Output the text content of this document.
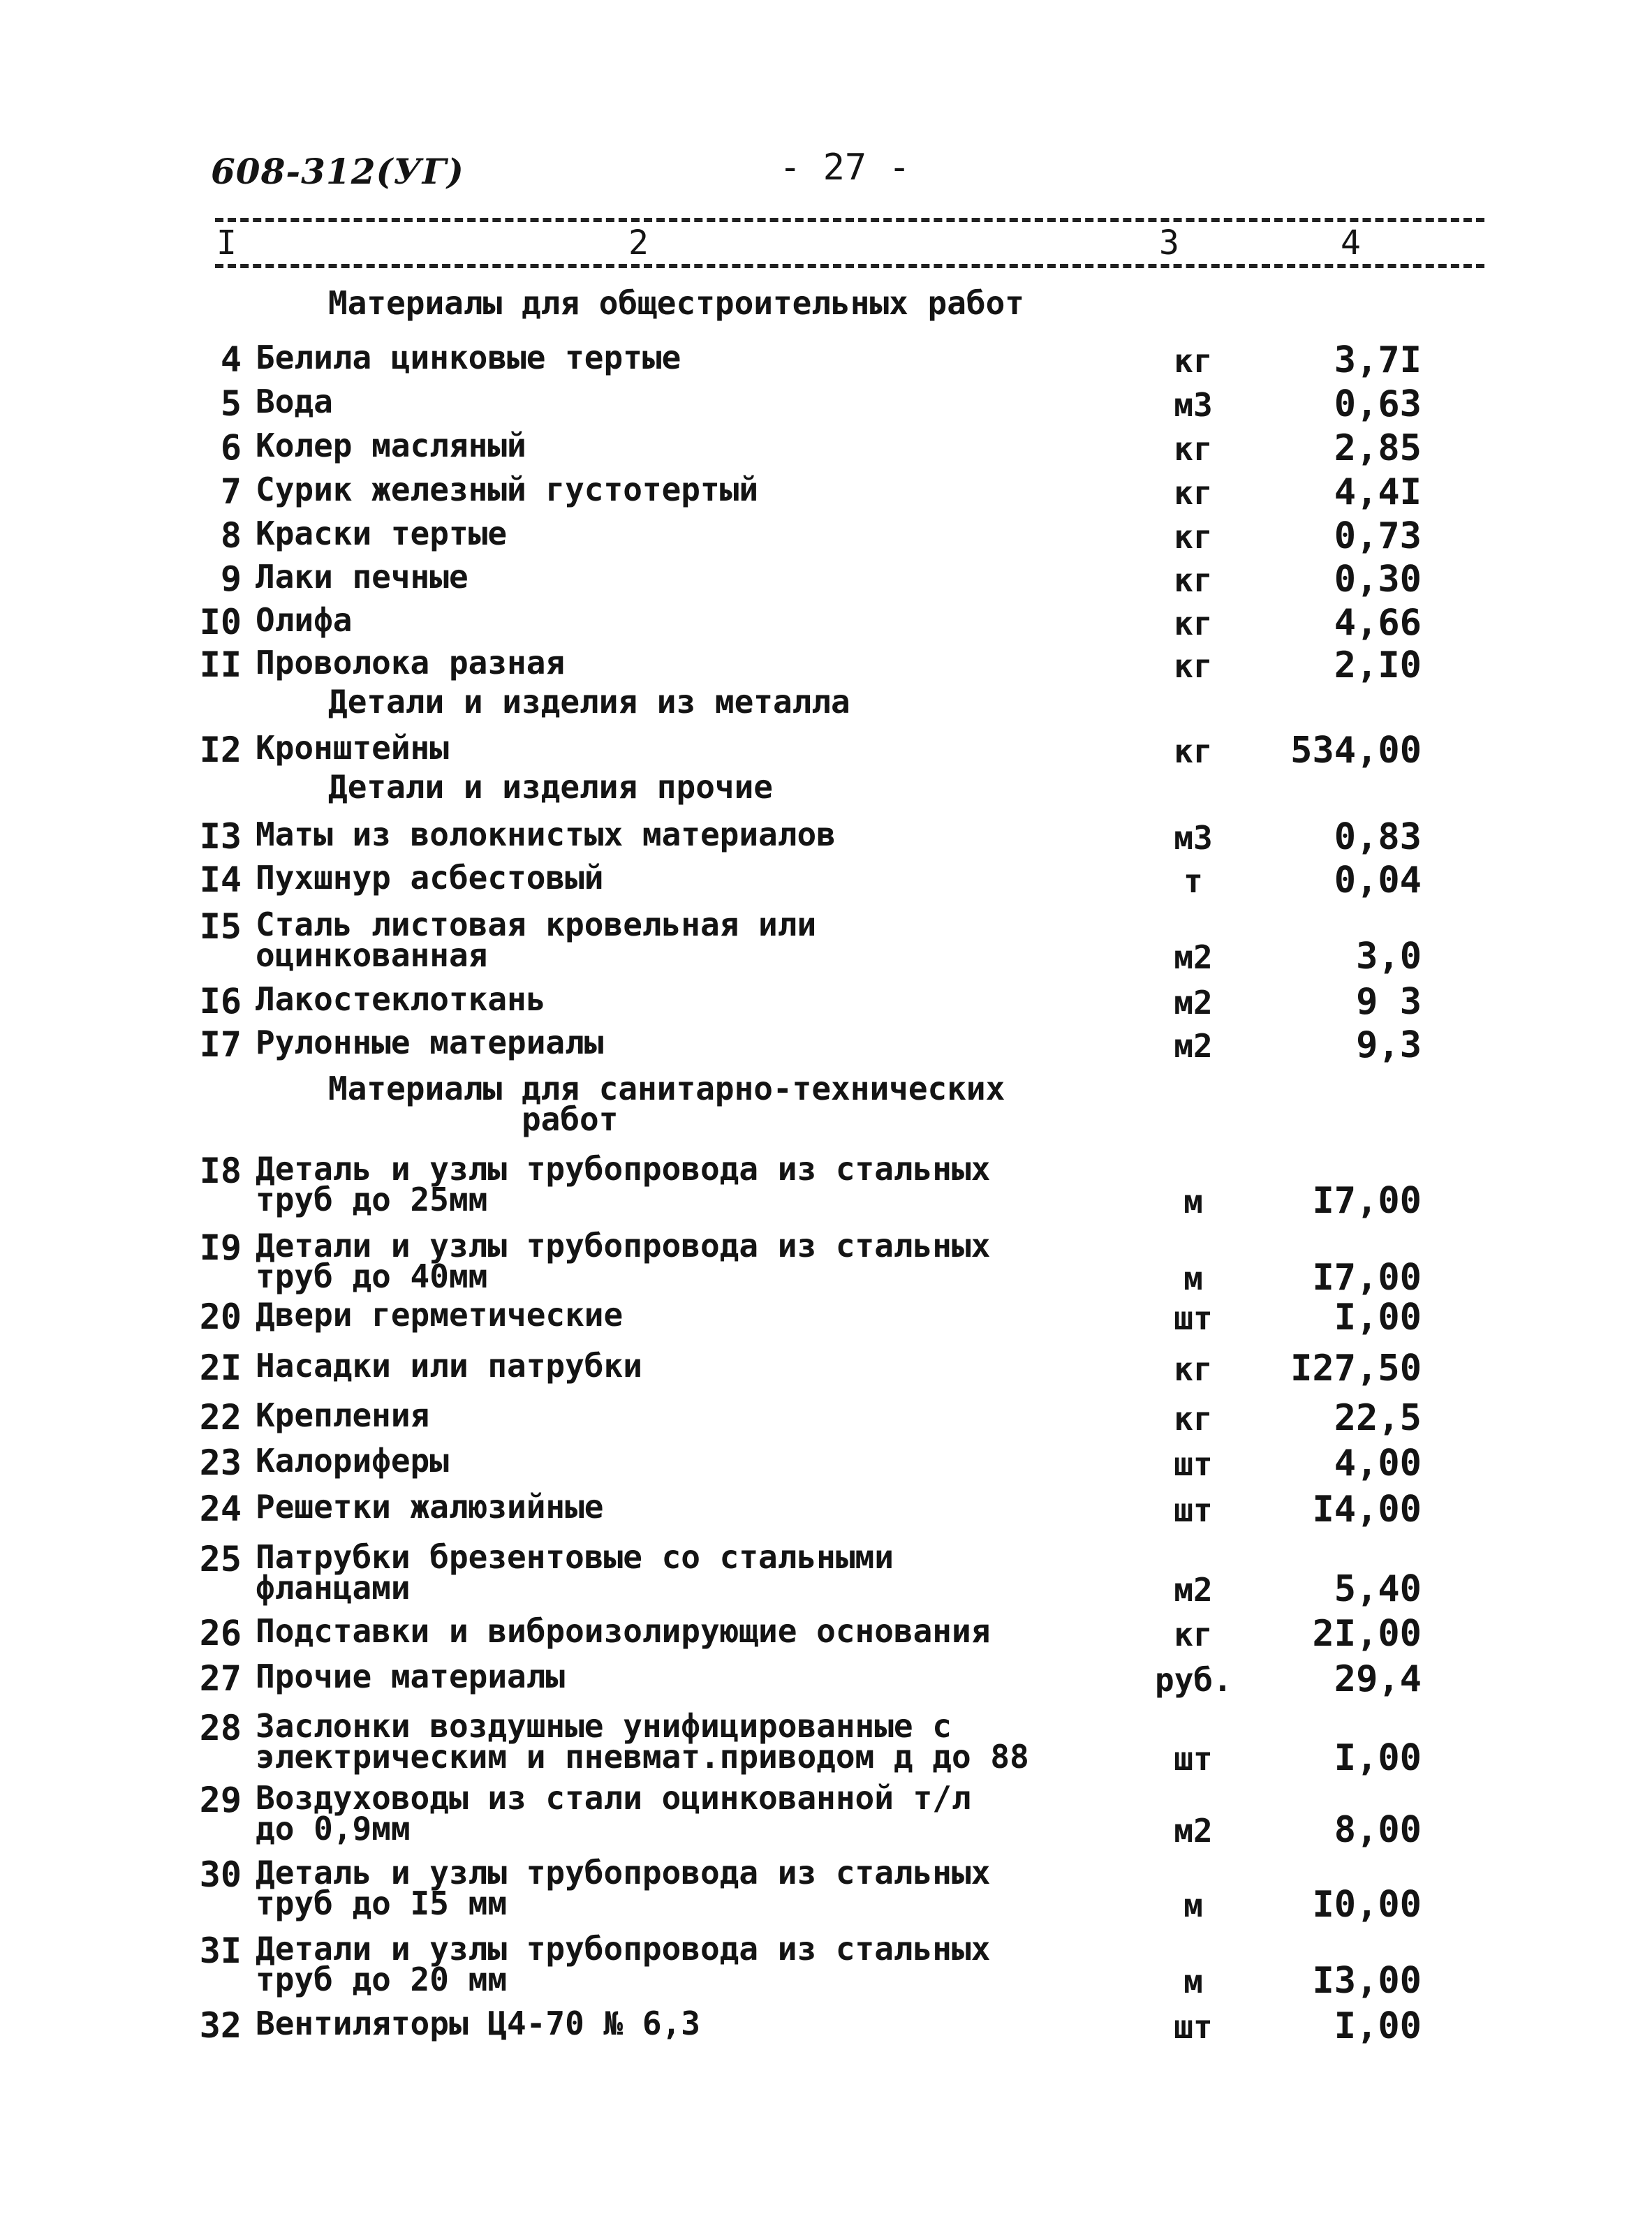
608-312(УГ)	- 27 -
I	2	3	4
Материалы для общестроительных работ
4 Белила цинковые тертые	кг	3,7I
5 Вода	м3	0,63
6 Колер масляный	кг	2,85
7 Сурик железный густотертый	кг	4,4I
8 Краски тертые	кг	0,73
9 Лаки печные	кг	0,30
I0 Олифа	кг	4,66
II Проволока разная	кг	2,I0
Детали и изделия из металла
I2 Кронштейны	кг	534,00
Детали и изделия прочие
I3 Маты из волокнистых материалов	м3	0,83
I4 Пухшнур асбестовый	т	0,04
I5 Сталь листовая кровельная или
оцинкованная	м2	3,0
I6 Лакостеклоткань	м2	9 3
I7 Рулонные материалы	м2	9,3
Материалы для санитарно-технических
работ
I8 Деталь и узлы трубопровода из стальных
труб до 25мм	м	I7,00
I9 Детали и узлы трубопровода из стальных
труб до 40мм	м	I7,00
20 Двери герметические	шт	I,00
2I Насадки или патрубки	кг	I27,50
22 Крепления	кг	22,5
23 Калориферы	шт	4,00
24 Решетки жалюзийные	шт	I4,00
25 Патрубки брезентовые со стальными
фланцами	м2	5,40
26 Подставки и виброизолирующие основания	кг	2I,00
27 Прочие материалы	руб.	29,4
28 Заслонки воздушные унифицированные с
электрическим и пневмат.приводом д до 88	шт	I,00
29 Воздуховоды из стали оцинкованной т/л
до 0,9мм	м2	8,00
30 Деталь и узлы трубопровода из стальных
труб до I5 мм	м	I0,00
3I Детали и узлы трубопровода из стальных
труб до 20 мм	м	I3,00
32 Вентиляторы Ц4-70 № 6,3	шт	I,00
